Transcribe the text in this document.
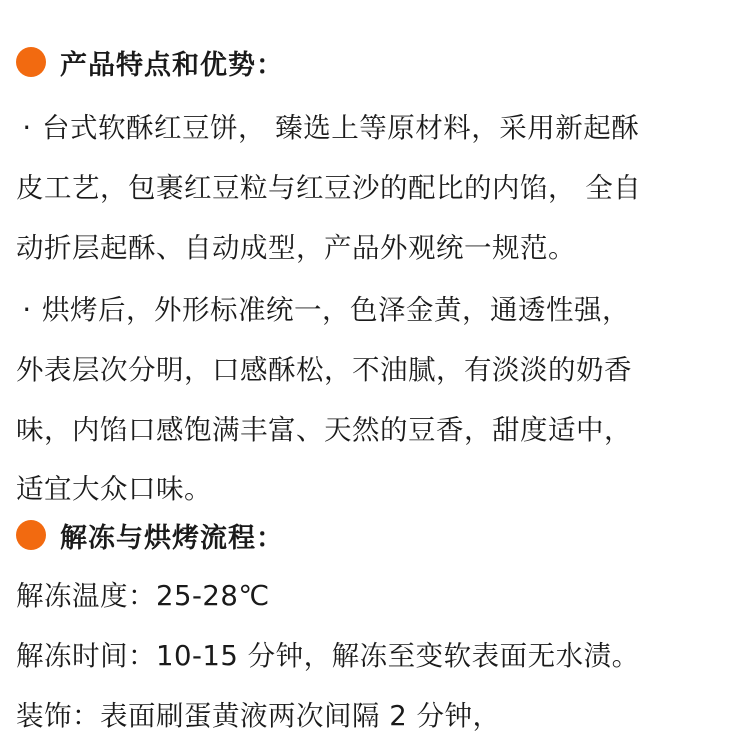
产品特点和优势：
· 台式软酥红豆饼， 臻选上等原材料，采用新起酥
皮工艺，包裹红豆粒与红豆沙的配比的内馅， 全自
动折层起酥、自动成型，产品外观统一规范。
· 烘烤后，外形标准统一，色泽金黄，通透性强，
外表层次分明，口感酥松，不油腻，有淡淡的奶香
味，内馅口感饱满丰富、天然的豆香，甜度适中，
适宜大众口味。
解冻与烘烤流程：
解冻温度：25-28℃
解冻时间：10-15 分钟，解冻至变软表面无水渍。
装饰：表面刷蛋黄液两次间隔 2 分钟，
